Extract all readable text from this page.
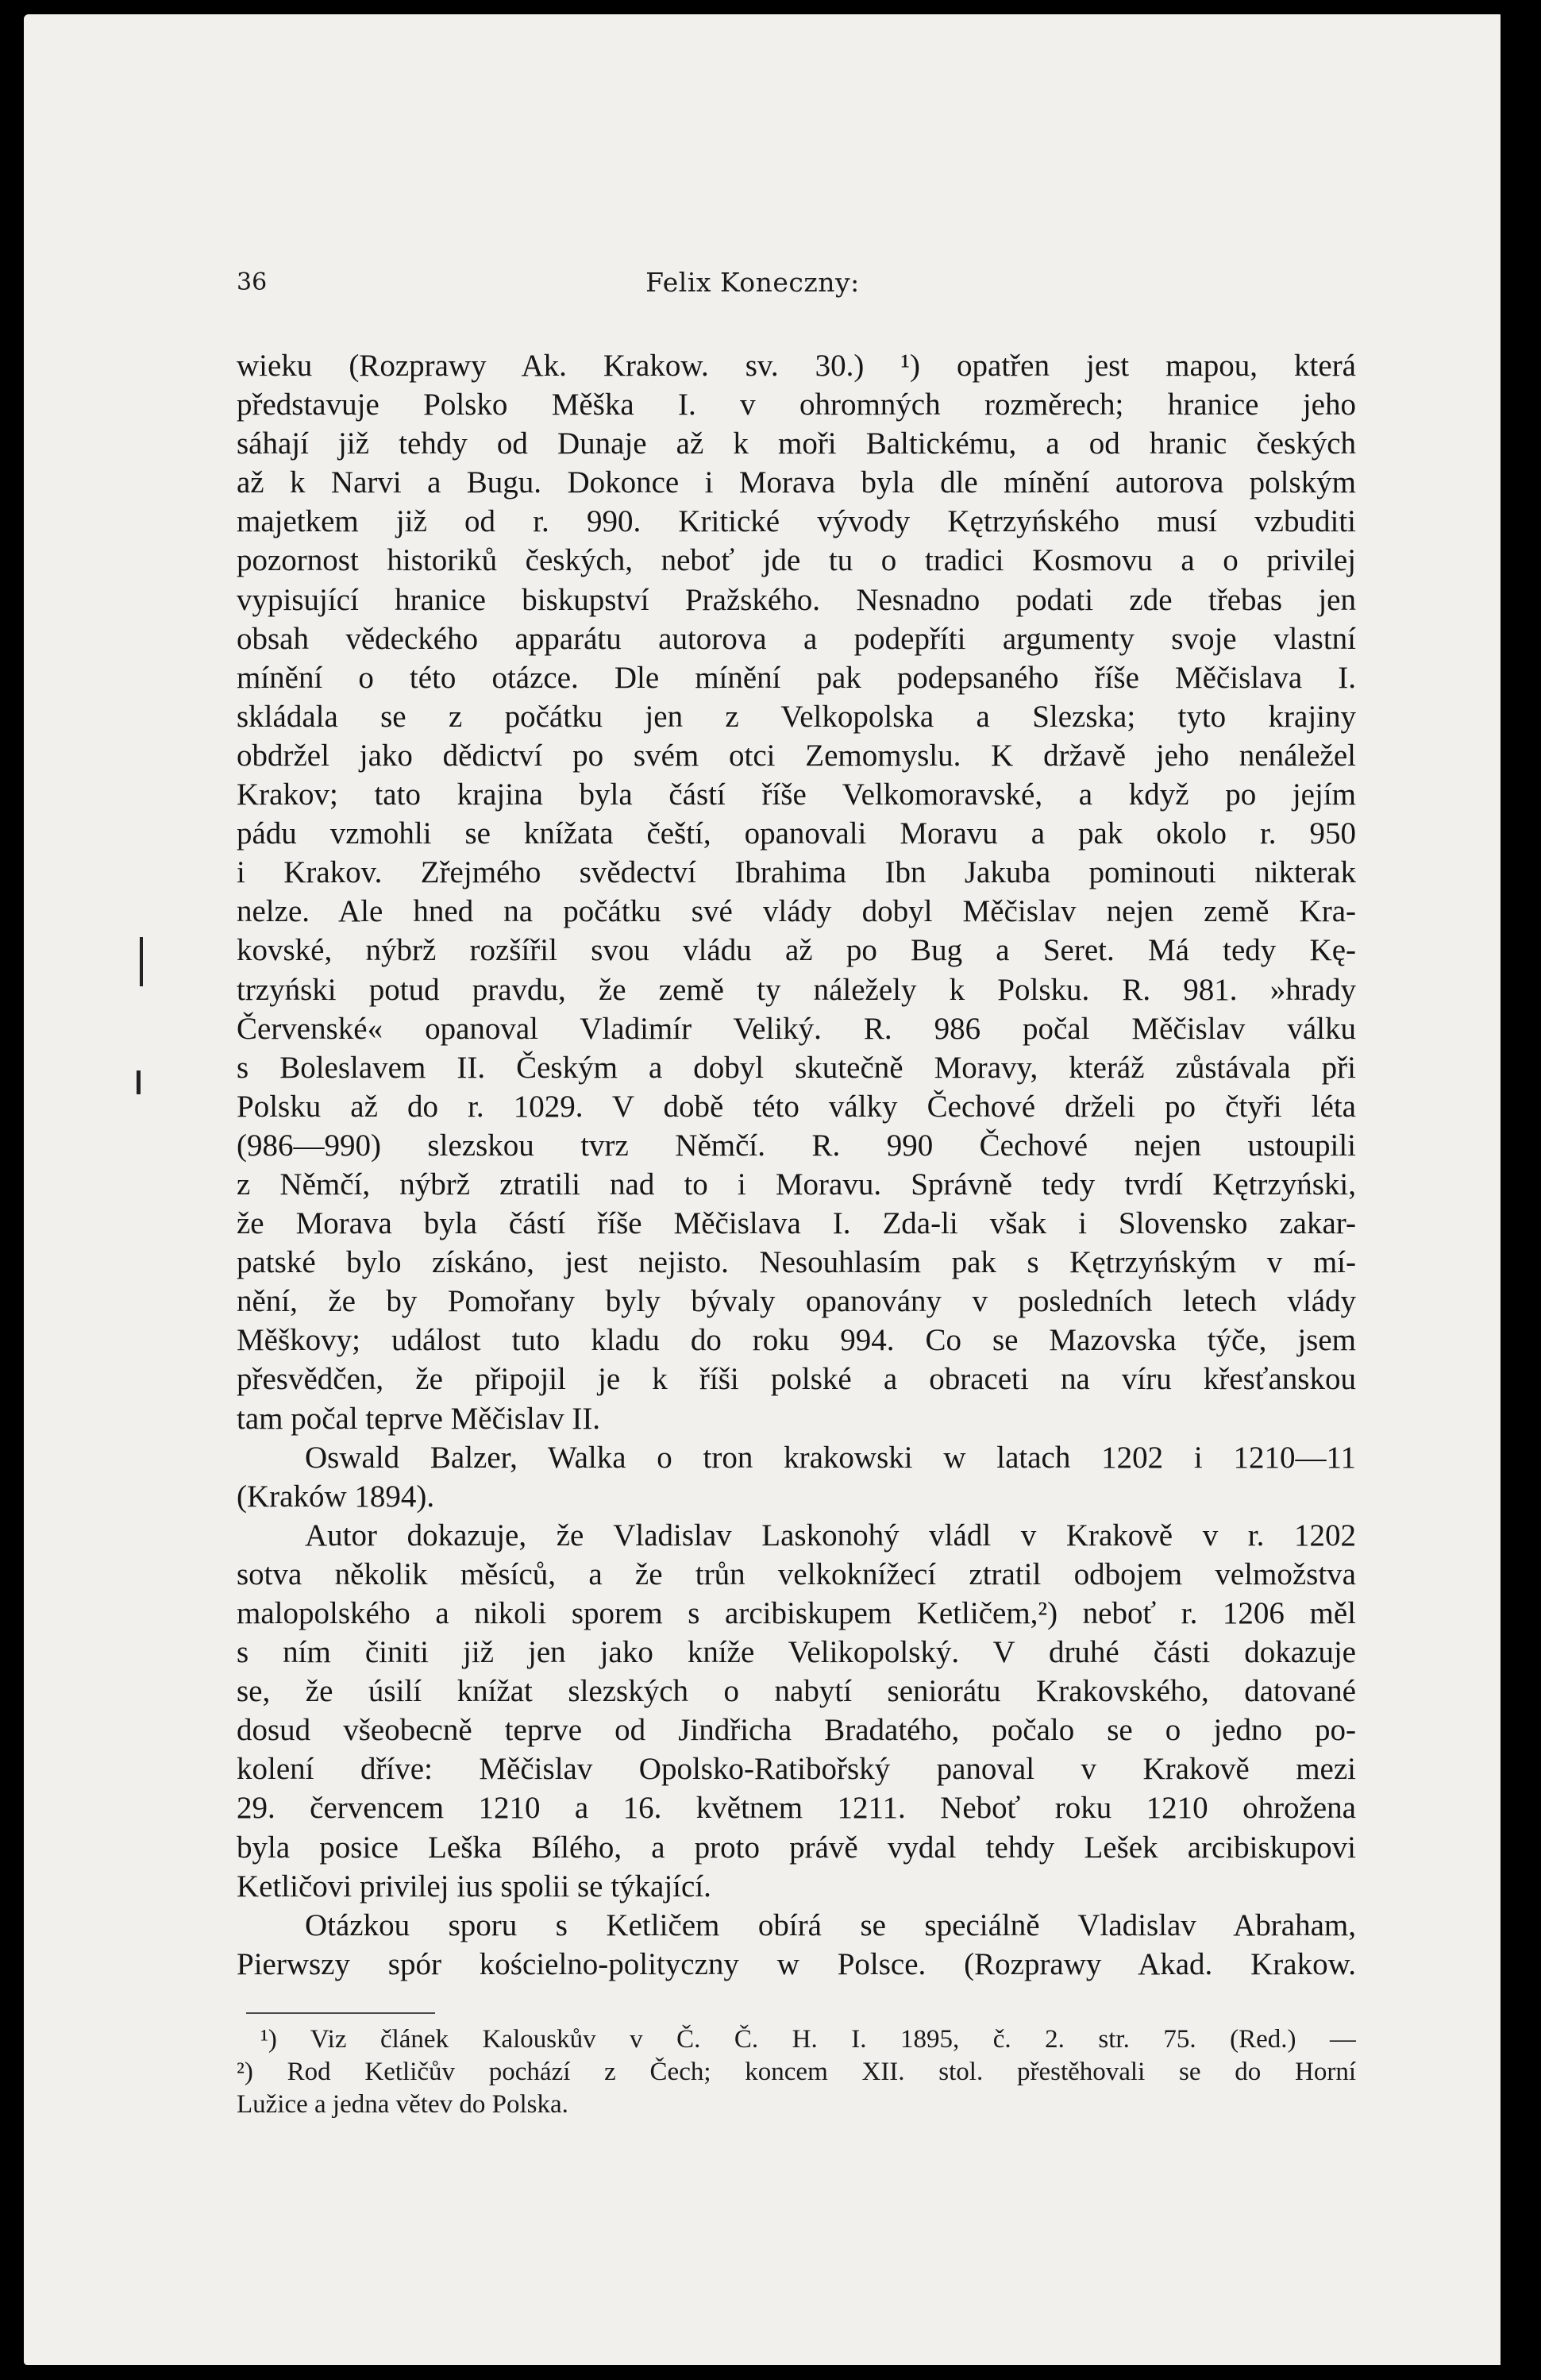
36	Felix Koneczny:
wieku (Rozprawy Ak. Krakow. sv. 30.) ¹) opatřen jest mapou, která
představuje Polsko Měška I. v ohromných rozměrech; hranice jeho
sáhají již tehdy od Dunaje až k moři Baltickému, a od hranic českých
až k Narvi a Bugu. Dokonce i Morava byla dle mínění autorova polským
majetkem již od r. 990. Kritické vývody Kętrzyńského musí vzbuditi
pozornost historiků českých, neboť jde tu o tradici Kosmovu a o privilej
vypisující hranice biskupství Pražského. Nesnadno podati zde třebas jen
obsah vědeckého apparátu autorova a podepříti argumenty svoje vlastní
mínění o této otázce. Dle mínění pak podepsaného říše Měčislava I.
skládala se z počátku jen z Velkopolska a Slezska; tyto krajiny
obdržel jako dědictví po svém otci Zemomyslu. K državě jeho nenáležel
Krakov; tato krajina byla částí říše Velkomoravské, a když po jejím
pádu vzmohli se knížata čeští, opanovali Moravu a pak okolo r. 950
i Krakov. Zřejmého svědectví Ibrahima Ibn Jakuba pominouti nikterak
nelze. Ale hned na počátku své vlády dobyl Měčislav nejen země Kra-
kovské, nýbrž rozšířil svou vládu až po Bug a Seret. Má tedy Kę-
trzyński potud pravdu, že země ty náležely k Polsku. R. 981. »hrady
Červenské« opanoval Vladimír Veliký. R. 986 počal Měčislav válku
s Boleslavem II. Českým a dobyl skutečně Moravy, kteráž zůstávala při
Polsku až do r. 1029. V době této války Čechové drželi po čtyři léta
(986—990) slezskou tvrz Němčí. R. 990 Čechové nejen ustoupili
z Němčí, nýbrž ztratili nad to i Moravu. Správně tedy tvrdí Kętrzyński,
že Morava byla částí říše Měčislava I. Zda-li však i Slovensko zakar-
patské bylo získáno, jest nejisto. Nesouhlasím pak s Kętrzyńským v mí-
nění, že by Pomořany byly bývaly opanovány v posledních letech vlády
Měškovy; událost tuto kladu do roku 994. Co se Mazovska týče, jsem
přesvědčen, že připojil je k říši polské a obraceti na víru křesťanskou
tam počal teprve Měčislav II.
Oswald Balzer, Walka o tron krakowski w latach 1202 i 1210—11
(Kraków 1894).
Autor dokazuje, že Vladislav Laskonohý vládl v Krakově v r. 1202
sotva několik měsíců, a že trůn velkoknížecí ztratil odbojem velmožstva
malopolského a nikoli sporem s arcibiskupem Ketličem,²) neboť r. 1206 měl
s ním činiti již jen jako kníže Velikopolský. V druhé části dokazuje
se, že úsilí knížat slezských o nabytí seniorátu Krakovského, datované
dosud všeobecně teprve od Jindřicha Bradatého, počalo se o jedno po-
kolení dříve: Měčislav Opolsko-Ratibořský panoval v Krakově mezi
29. červencem 1210 a 16. květnem 1211. Neboť roku 1210 ohrožena
byla posice Leška Bílého, a proto právě vydal tehdy Lešek arcibiskupovi
Ketličovi privilej ius spolii se týkající.
Otázkou sporu s Ketličem obírá se speciálně Vladislav Abraham,
Pierwszy spór kościelno-polityczny w Polsce. (Rozprawy Akad. Krakow.
¹) Viz článek Kalouskův v Č. Č. H. I. 1895, č. 2. str. 75. (Red.) —
²) Rod Ketličův pochází z Čech; koncem XII. stol. přestěhovali se do Horní
Lužice a jedna větev do Polska.
